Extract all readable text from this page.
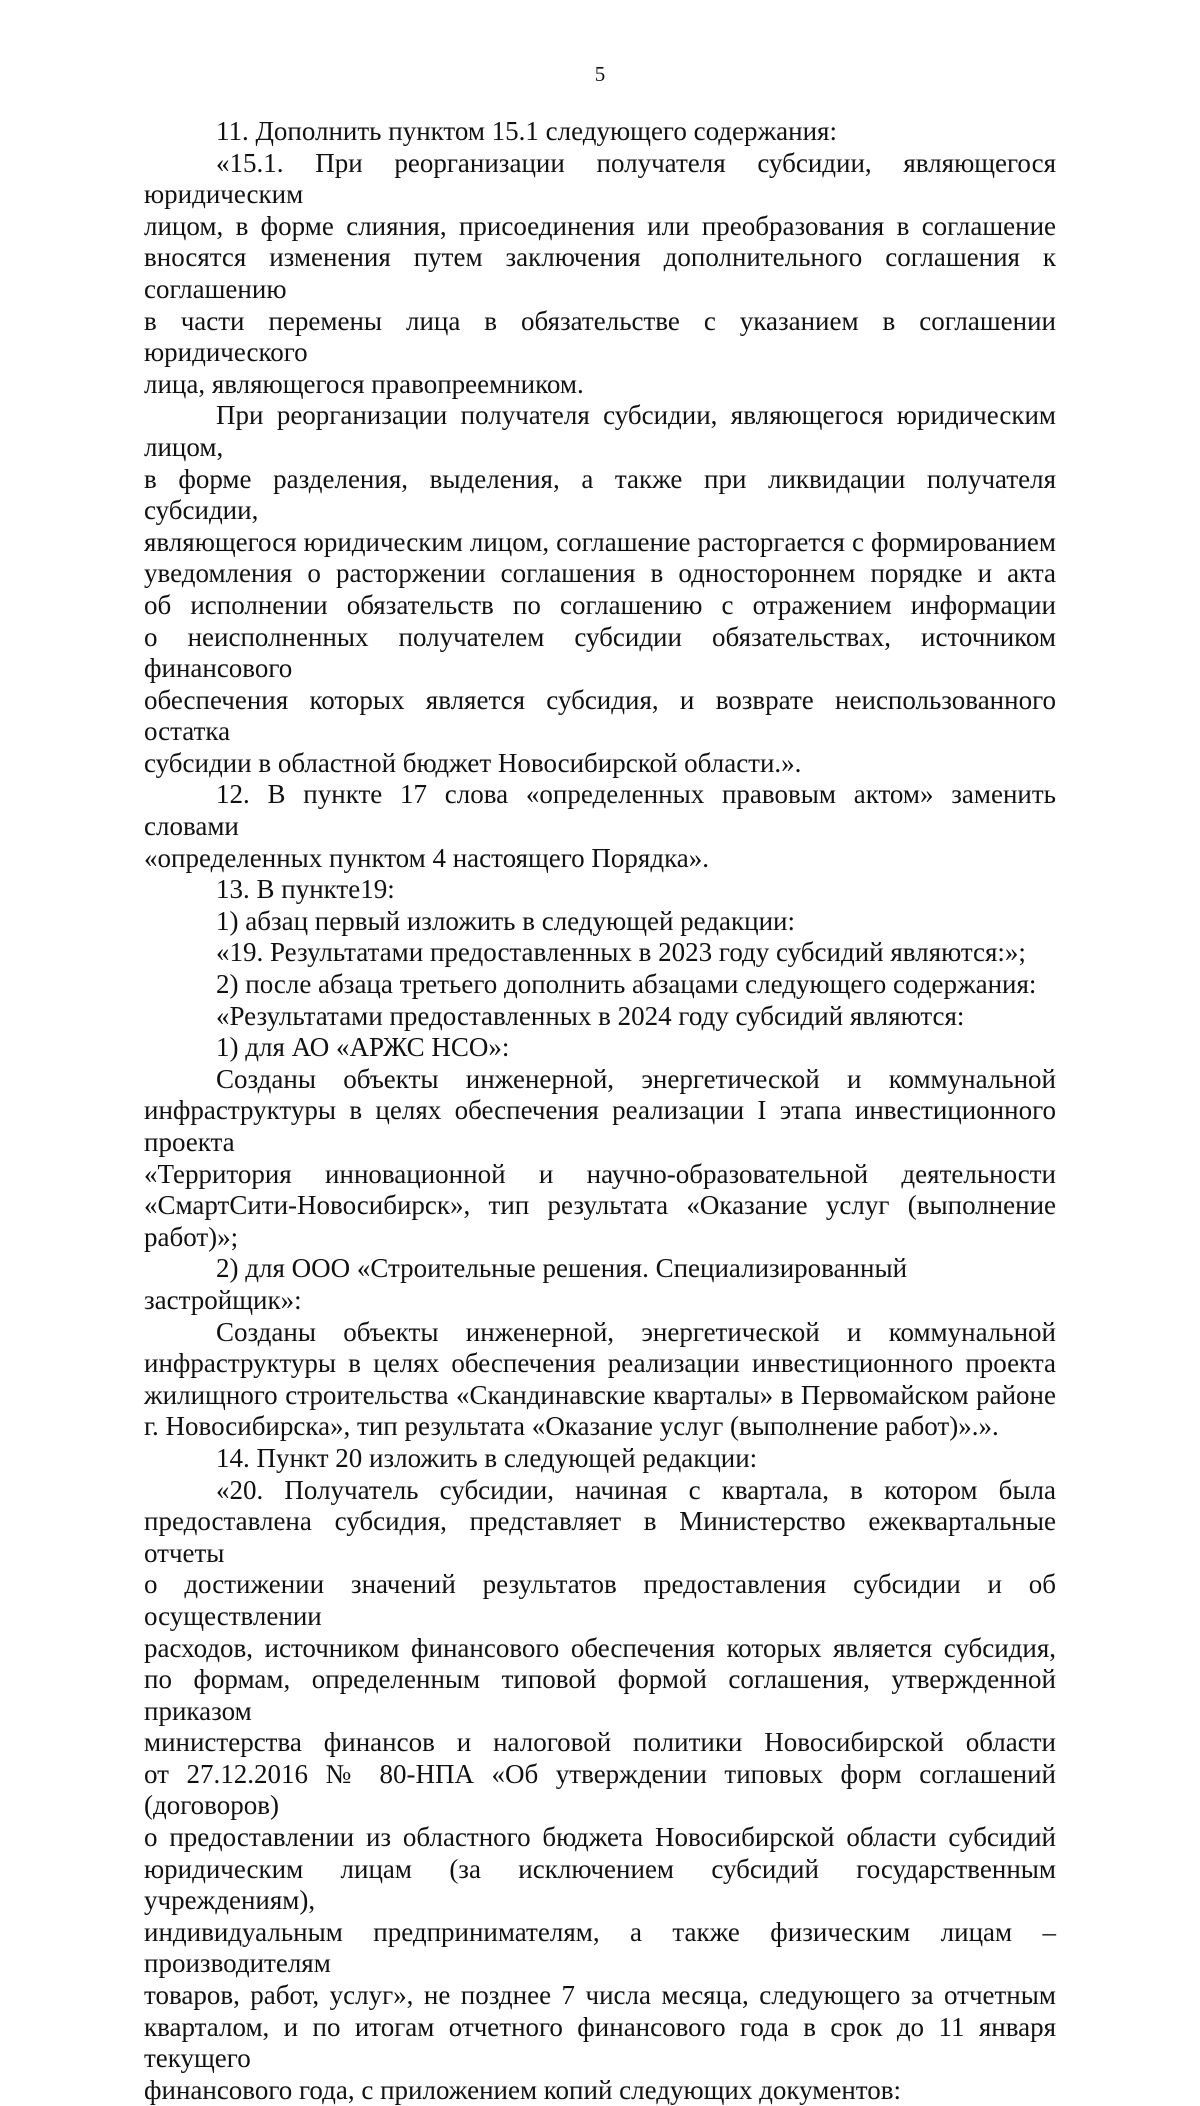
5

11. Дополнить пунктом 15.1 следующего содержания:

«15.1. При реорганизации получателя субсидии, являющегося юридическим

лицом, в форме слияния, присоединения или преобразования в соглашение

вносятся изменения путем заключения дополнительного соглашения к соглашению

в части перемены лица в обязательстве с указанием в соглашении юридического

лица, являющегося правопреемником.

При реорганизации получателя субсидии, являющегося юридическим лицом,

в форме разделения, выделения, а также при ликвидации получателя субсидии,

являющегося юридическим лицом, соглашение расторгается с формированием

уведомления о расторжении соглашения в одностороннем порядке и акта

об исполнении обязательств по соглашению с отражением информации

о неисполненных получателем субсидии обязательствах, источником финансового

обеспечения которых является субсидия, и возврате неиспользованного остатка

субсидии в областной бюджет Новосибирской области.».

12. В пункте 17 слова «определенных правовым актом» заменить словами

«определенных пунктом 4 настоящего Порядка».

13. В пункте19:

1) абзац первый изложить в следующей редакции:

«19. Результатами предоставленных в 2023 году субсидий являются:»;

2) после абзаца третьего дополнить абзацами следующего содержания:

«Результатами предоставленных в 2024 году субсидий являются:

1) для АО «АРЖС НСО»:

Созданы объекты инженерной, энергетической и коммунальной

инфраструктуры в целях обеспечения реализации I этапа инвестиционного проекта

«Территория инновационной и научно-образовательной деятельности

«СмартСити-Новосибирск», тип результата «Оказание услуг (выполнение работ)»;

2) для ООО «Строительные решения. Специализированный застройщик»:

Созданы объекты инженерной, энергетической и коммунальной

инфраструктуры в целях обеспечения реализации инвестиционного проекта

жилищного строительства «Скандинавские кварталы» в Первомайском районе

г. Новосибирска», тип результата «Оказание услуг (выполнение работ)».».

14. Пункт 20 изложить в следующей редакции:

«20. Получатель субсидии, начиная с квартала, в котором была

предоставлена субсидия, представляет в Министерство ежеквартальные отчеты

о достижении значений результатов предоставления субсидии и об осуществлении

расходов, источником финансового обеспечения которых является субсидия,

по формам, определенным типовой формой соглашения, утвержденной приказом

министерства финансов и налоговой политики Новосибирской области

от 27.12.2016 № 80-НПА «Об утверждении типовых форм соглашений (договоров)

о предоставлении из областного бюджета Новосибирской области субсидий

юридическим лицам (за исключением субсидий государственным учреждениям),

индивидуальным предпринимателям, а также физическим лицам – производителям

товаров, работ, услуг», не позднее 7 числа месяца, следующего за отчетным

кварталом, и по итогам отчетного финансового года в срок до 11 января текущего

финансового года, с приложением копий следующих документов:
